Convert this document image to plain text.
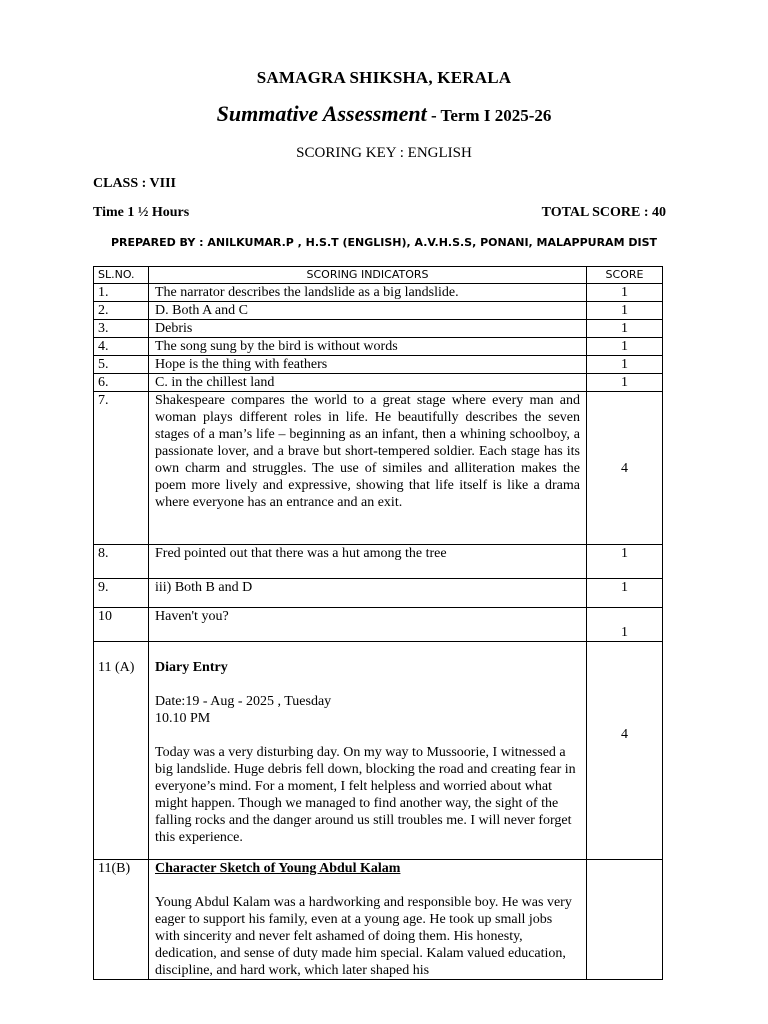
SAMAGRA SHIKSHA, KERALA
Summative Assessment - Term I 2025-26
SCORING KEY : ENGLISH
CLASS : VIII
Time 1 ½ Hours	TOTAL SCORE : 40
PREPARED BY : ANILKUMAR.P , H.S.T (ENGLISH), A.V.H.S.S, PONANI, MALAPPURAM DIST
SL.NO.	SCORING INDICATORS	SCORE
1.	The narrator describes the landslide as a big landslide.	1
2.	D. Both A and C	1
3.	Debris	1
4.	The song sung by the bird is without words	1
5.	Hope is the thing with feathers	1
6.	C. in the chillest land	1
7.	Shakespeare compares the world to a great stage where every man and woman plays different roles in life. He beautifully describes the seven stages of a man’s life – beginning as an infant, then a whining schoolboy, a passionate lover, and a brave but short-tempered soldier. Each stage has its own charm and struggles. The use of similes and alliteration makes the poem more lively and expressive, showing that life itself is like a drama where everyone has an entrance and an exit.	4
8.	Fred pointed out that there was a hut among the tree	1
9.	iii) Both B and D	1
10	Haven't you?	1
11 (A)	Diary Entry
Date:19 - Aug - 2025 , Tuesday
10.10 PM

Today was a very disturbing day. On my way to Mussoorie, I witnessed a big landslide. Huge debris fell down, blocking the road and creating fear in everyone’s mind. For a moment, I felt helpless and worried about what might happen. Though we managed to find another way, the sight of the falling rocks and the danger around us still troubles me. I will never forget this experience.	4
11(B)	Character Sketch of Young Abdul Kalam

Young Abdul Kalam was a hardworking and responsible boy. He was very eager to support his family, even at a young age. He took up small jobs with sincerity and never felt ashamed of doing them. His honesty, dedication, and sense of duty made him special. Kalam valued education, discipline, and hard work, which later shaped his	
